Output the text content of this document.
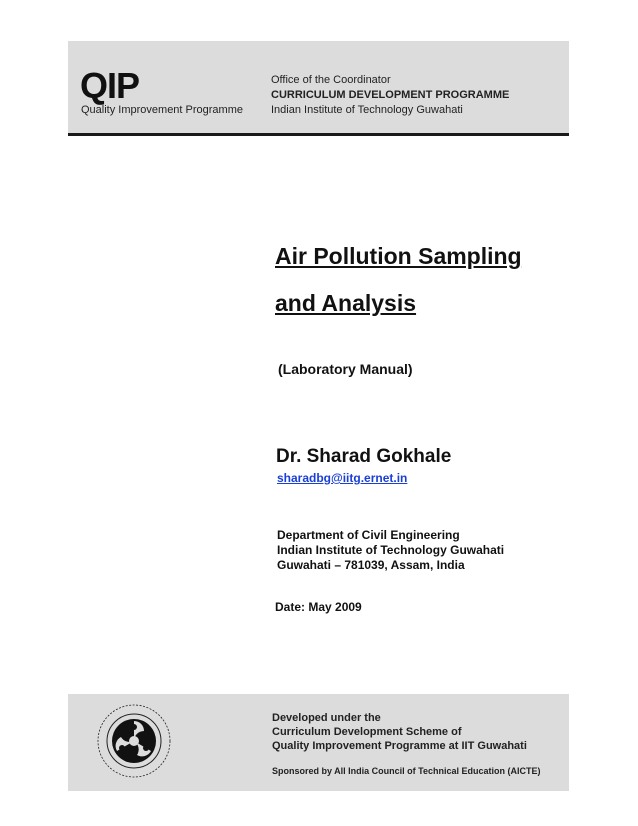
QIP
Quality Improvement Programme
Office of the Coordinator
CURRICULUM DEVELOPMENT PROGRAMME
Indian Institute of Technology Guwahati
Air Pollution Sampling
and Analysis
(Laboratory Manual)
Dr. Sharad Gokhale
sharadbg@iitg.ernet.in
Department of Civil Engineering
Indian Institute of Technology Guwahati
Guwahati – 781039, Assam, India
Date: May 2009
Developed under the
Curriculum Development Scheme of
Quality Improvement Programme at IIT Guwahati
Sponsored by All India Council of Technical Education (AICTE)
